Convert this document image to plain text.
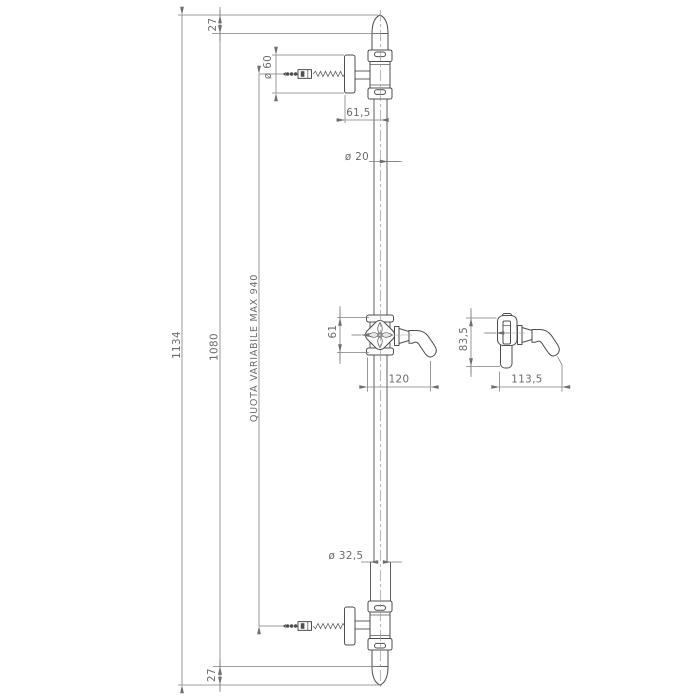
1134 1080	QUOTA VARIABILE MAX 940
27
27
ø 60
61,5
ø 20
61
120
ø 32,5
83,5
113,5
